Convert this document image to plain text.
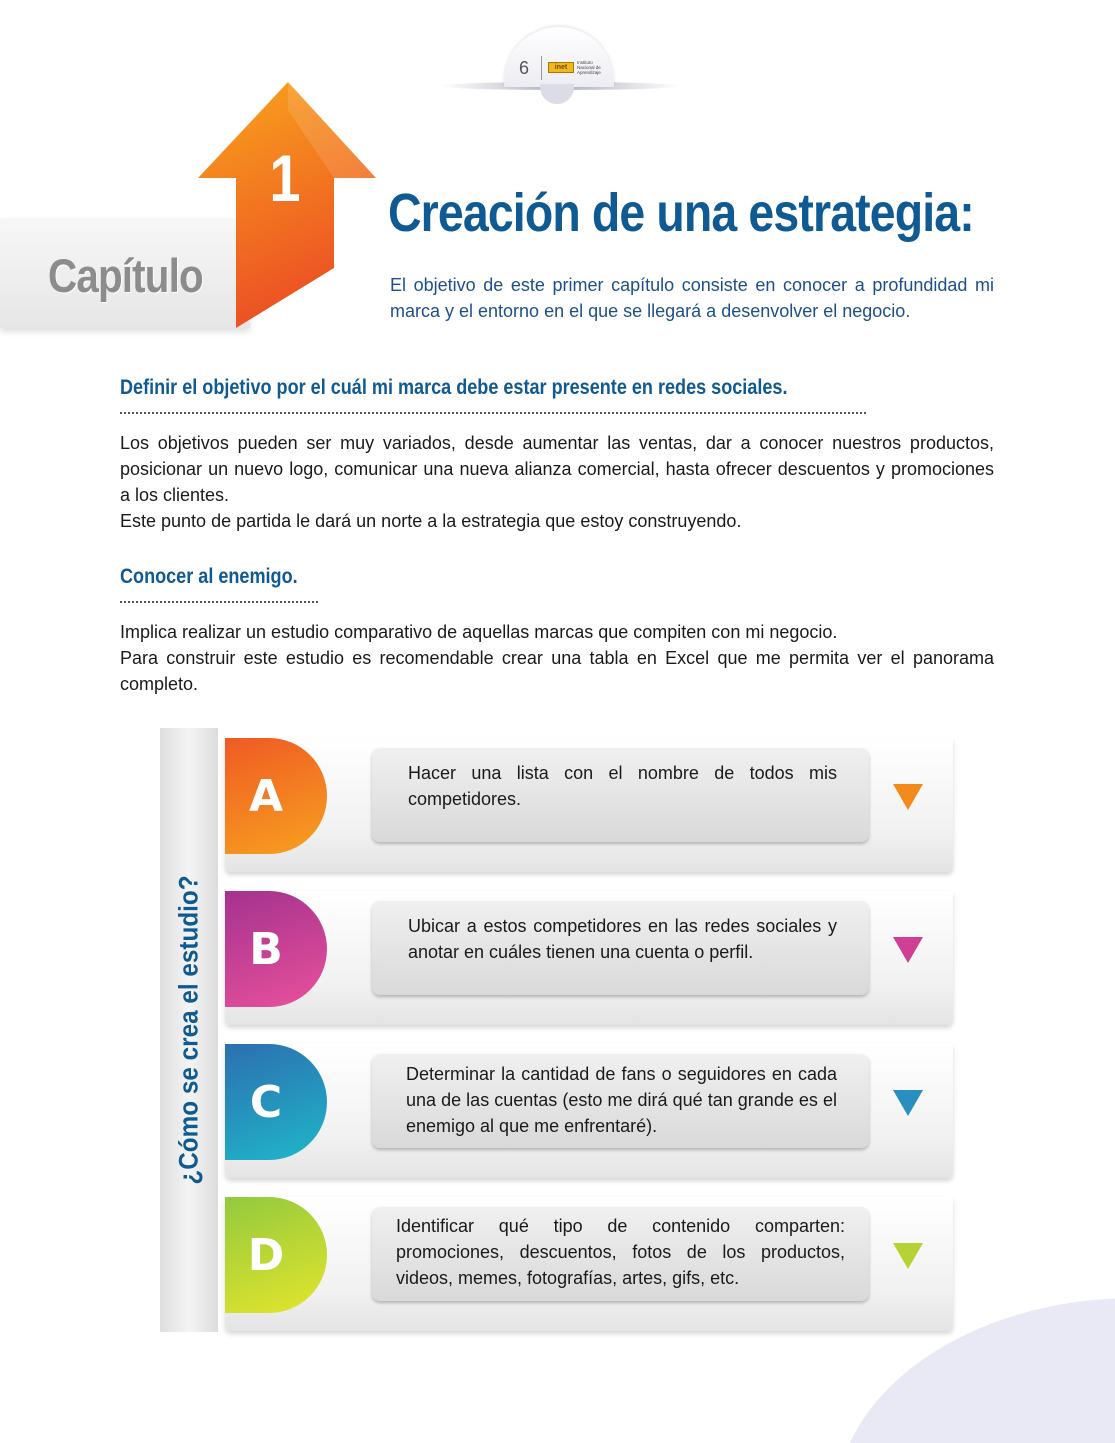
6	inet
Instituto Nacional de Aprendizaje
Capítulo
1 Creación de una estrategia:
El objetivo de este primer capítulo consiste en conocer a profundidad mi marca y el entorno en el que se llegará a desenvolver el negocio.
Definir el objetivo por el cuál mi marca debe estar presente en redes sociales.

Los objetivos pueden ser muy variados, desde aumentar las ventas, dar a conocer nuestros productos, posicionar un nuevo logo, comunicar una nueva alianza comercial, hasta ofrecer descuentos y promociones a los clientes.

Este punto de partida le dará un norte a la estrategia que estoy construyendo.

Conocer al enemigo.

Implica realizar un estudio comparativo de aquellas marcas que compiten con mi negocio.

Para construir este estudio es recomendable crear una tabla en Excel que me permita ver el panorama completo.

¿Cómo se crea el estudio?
A	Hacer una lista con el nombre de todos mis competidores.
B	Ubicar a estos competidores en las redes sociales y anotar en cuáles tienen una cuenta o perfil.
C
Determinar la cantidad de fans o seguidores en cada una de las cuentas (esto me dirá qué tan grande es el enemigo al que me enfrentaré).
D
Identificar qué tipo de contenido comparten: promociones, descuentos, fotos de los productos, videos, memes, fotografías, artes, gifs, etc.
